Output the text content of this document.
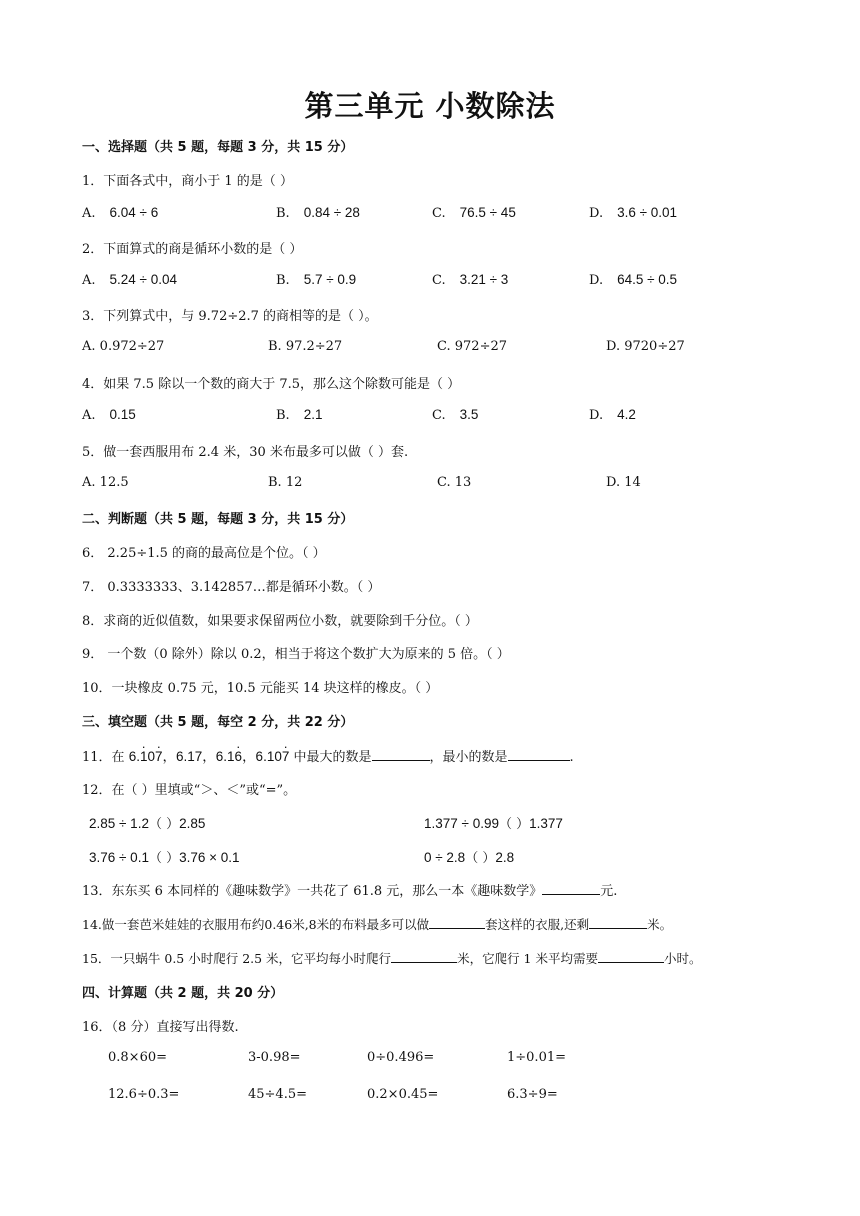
第三单元 小数除法
一、选择题（共 5 题，每题 3 分，共 15 分）
1．下面各式中，商小于 1 的是（ ）
A. 6.04 ÷ 6	B. 0.84 ÷ 28	C. 76.5 ÷ 45	D. 3.6 ÷ 0.01
2．下面算式的商是循环小数的是（ ）
A. 5.24 ÷ 0.04	B. 5.7 ÷ 0.9	C. 3.21 ÷ 3	D. 64.5 ÷ 0.5
3．下列算式中，与 9.72÷2.7 的商相等的是（ ）。
A. 0.972÷27	B. 97.2÷27	C. 972÷27	D. 9720÷27
4．如果 7.5 除以一个数的商大于 7.5，那么这个除数可能是（ ）
A. 0.15	B. 2.1	C. 3.5	D. 4.2
5．做一套西服用布 2.4 米，30 米布最多可以做（ ）套.
A. 12.5	B. 12	C. 13	D. 14
二、判断题（共 5 题，每题 3 分，共 15 分）
6． 2.25÷1.5 的商的最高位是个位。（ ）
7． 0.3333333、3.142857…都是循环小数。（ ）
8．求商的近似值数，如果要求保留两位小数，就要除到千分位。（ ）
9． 一个数（0 除外）除以 0.2，相当于将这个数扩大为原来的 5 倍。（ ）
10．一块橡皮 0.75 元，10.5 元能买 14 块这样的橡皮。（ ）
三、填空题（共 5 题，每空 2 分，共 22 分）
11．在 6.1 ·07 ·，6.17，6.16 ·，6.107 · 中最大的数是	，最小的数是	.
12．在（ ）里填或“＞、＜”或“=”。
2.85 ÷ 1.2（ ）2.85	1.377 ÷ 0.99（ ）1.377
3.76 ÷ 0.1（ ）3.76 × 0.1	0 ÷ 2.8（ ）2.8
13．东东买 6 本同样的《趣味数学》一共花了 61.8 元，那么一本《趣味数学》	元.
14.做一套芭米娃娃的衣服用布约0.46米,8米的布料最多可以做	套这样的衣服,还剩	米。
15．一只蜗牛 0.5 小时爬行 2.5 米，它平均每小时爬行	米，它爬行 1 米平均需要	小时。
四、计算题（共 2 题，共 20 分）
16．（8 分）直接写出得数.
0.8×60=	3-0.98=	0÷0.496=	1÷0.01=
12.6÷0.3=	45÷4.5=	0.2×0.45=	6.3÷9=
